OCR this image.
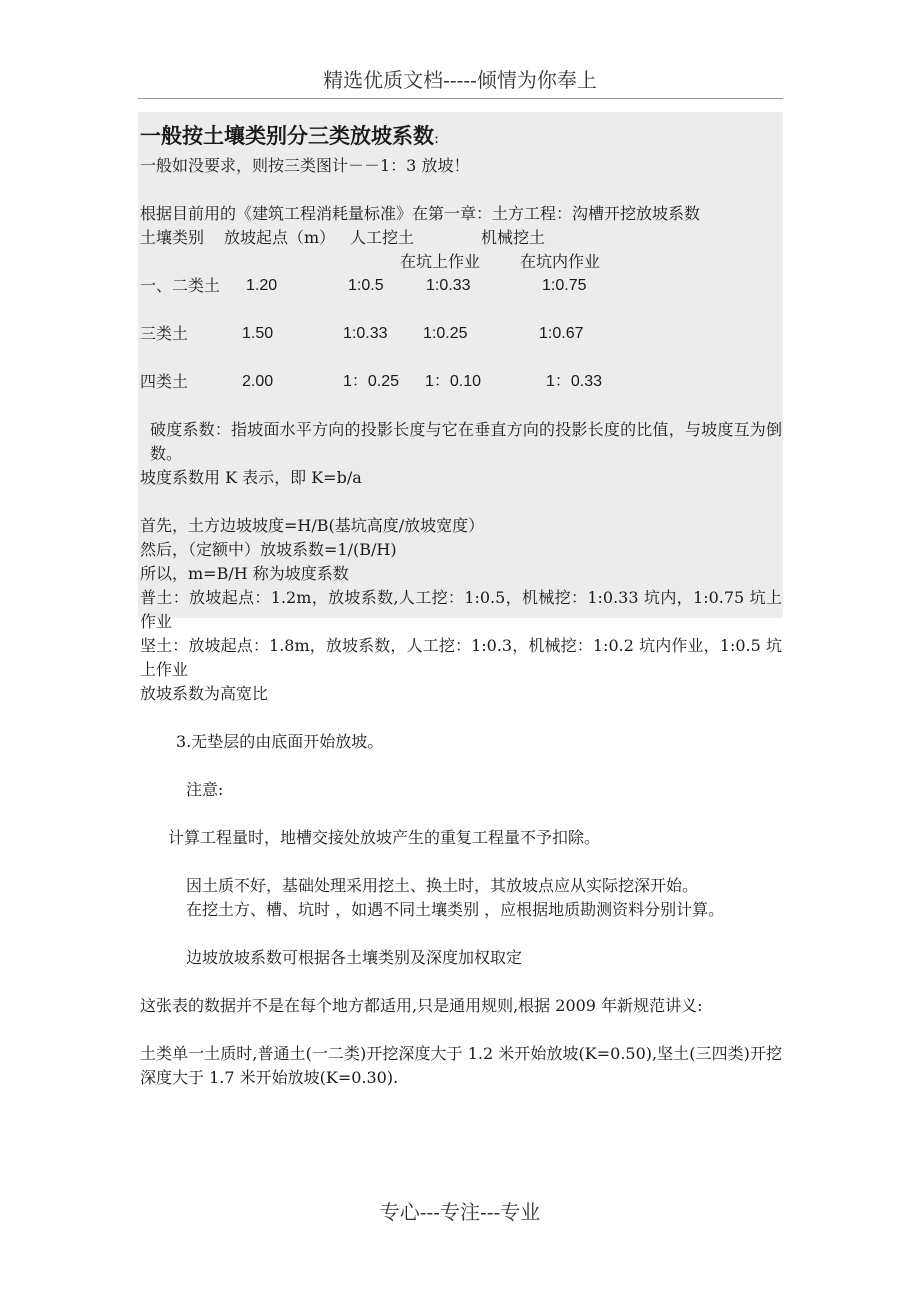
精选优质文档-----倾情为你奉上
一般按土壤类别分三类放坡系数:
一般如没要求，则按三类图计－－1：3 放坡！
根据目前用的《建筑工程消耗量标准》在第一章：土方工程：沟槽开挖放坡系数
土壤类别 放坡起点（m） 人工挖土	机械挖土
在坑上作业 在坑内作业
一、二类土 1.20	1:0.5	1:0.33	1:0.75
三类土	1.50	1:0.33 1:0.25	1:0.67
四类土	2.00	1：0.25 1：0.10	1：0.33
破度系数：指坡面水平方向的投影长度与它在垂直方向的投影长度的比值，与坡度互为倒数。
坡度系数用 K 表示，即 K=b/a
首先，土方边坡坡度=H/B(基坑高度/放坡宽度）
然后，（定额中）放坡系数=1/(B/H)
所以，m=B/H 称为坡度系数
普土：放坡起点：1.2m，放坡系数,人工挖：1:0.5，机械挖：1:0.33 坑内，1:0.75 坑上作业
坚土：放坡起点：1.8m，放坡系数，人工挖：1:0.3，机械挖：1:0.2 坑内作业，1:0.5 坑上作业
放坡系数为高宽比
3.无垫层的由底面开始放坡。
注意:
计算工程量时，地槽交接处放坡产生的重复工程量不予扣除。
因土质不好，基础处理采用挖土、换土时，其放坡点应从实际挖深开始。
在挖土方、槽、坑时 ，如遇不同土壤类别 ，应根据地质勘测资料分别计算。
边坡放坡系数可根据各土壤类别及深度加权取定
这张表的数据并不是在每个地方都适用,只是通用规则,根据 2009 年新规范讲义:
土类单一土质时,普通土(一二类)开挖深度大于 1.2 米开始放坡(K=0.50),坚土(三四类)开挖深度大于 1.7 米开始放坡(K=0.30).
专心---专注---专业
